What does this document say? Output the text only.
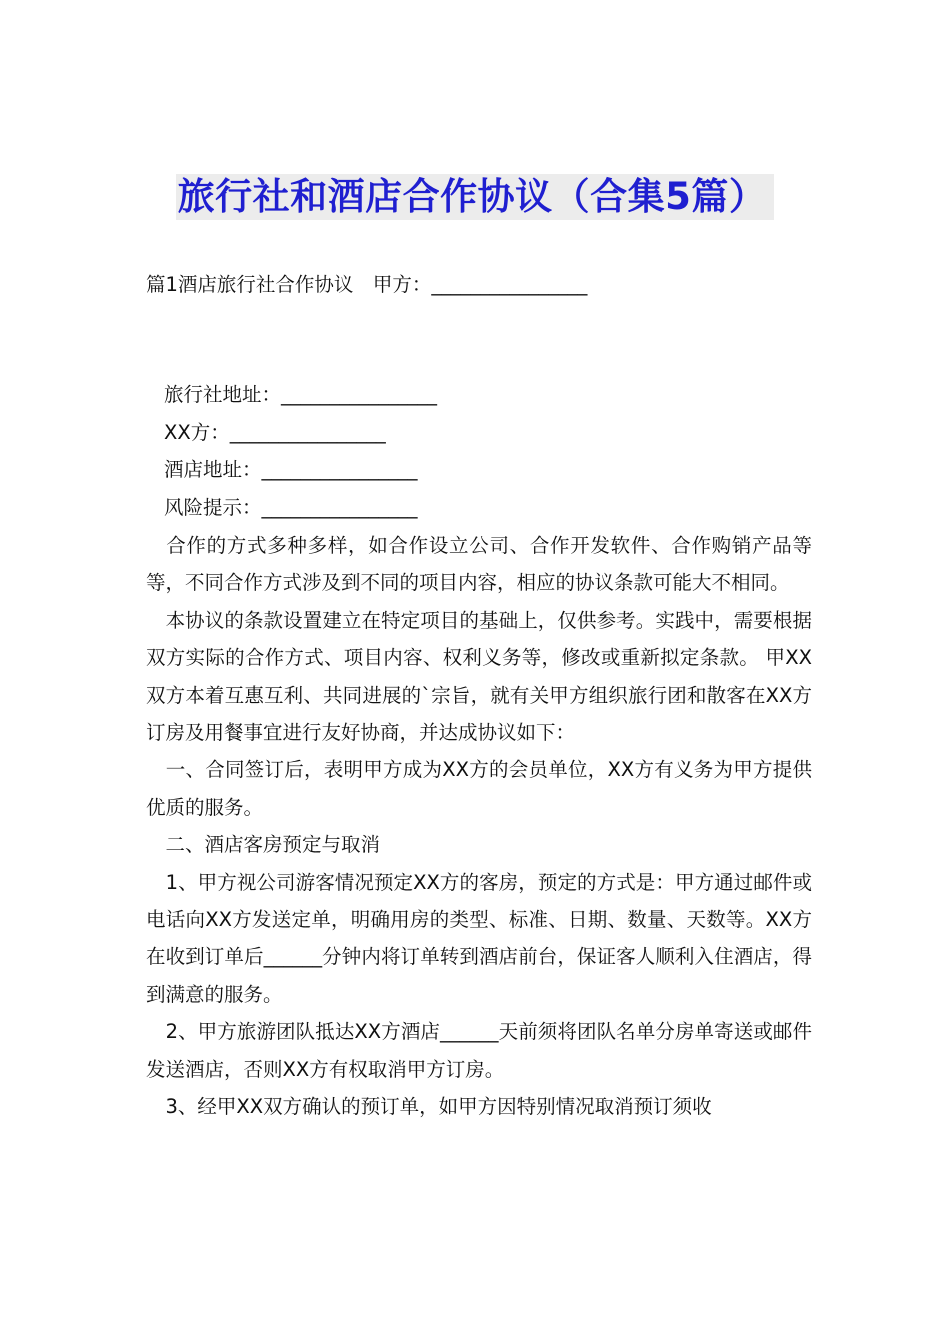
旅行社和酒店合作协议（合集5篇）
篇1酒店旅行社合作协议　甲方：________________
旅行社地址：________________
XX方：________________
酒店地址：________________
风险提示：________________

　合作的方式多种多样，如合作设立公司、合作开发软件、合作购销产品等等，不同合作方式涉及到不同的项目内容，相应的协议条款可能大不相同。

　本协议的条款设置建立在特定项目的基础上，仅供参考。实践中，需要根据双方实际的合作方式、项目内容、权利义务等，修改或重新拟定条款。 甲XX双方本着互惠互利、共同进展的`宗旨，就有关甲方组织旅行团和散客在XX方订房及用餐事宜进行友好协商，并达成协议如下：

　一、合同签订后，表明甲方成为XX方的会员单位，XX方有义务为甲方提供优质的服务。

　二、酒店客房预定与取消

　1、甲方视公司游客情况预定XX方的客房，预定的方式是：甲方通过邮件或电话向XX方发送定单，明确用房的类型、标准、日期、数量、天数等。XX方在收到订单后______分钟内将订单转到酒店前台，保证客人顺利入住酒店，得到满意的服务。

　2、甲方旅游团队抵达XX方酒店______天前须将团队名单分房单寄送或邮件发送酒店，否则XX方有权取消甲方订房。

　3、经甲XX双方确认的预订单，如甲方因特别情况取消预订须收
